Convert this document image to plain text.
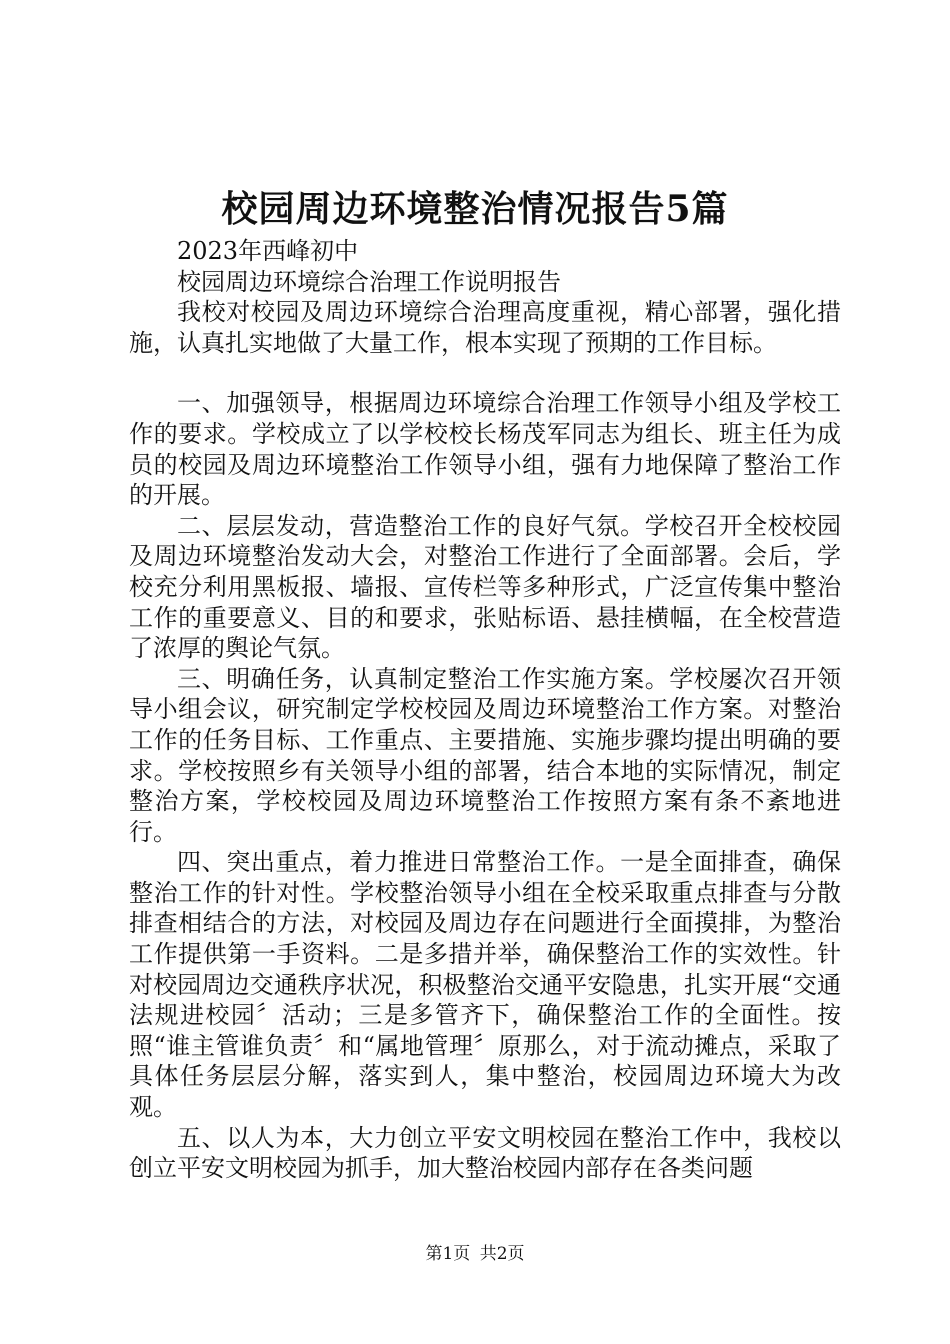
校园周边环境整治情况报告5篇

2023年西峰初中

校园周边环境综合治理工作说明报告

我校对校园及周边环境综合治理高度重视，精心部署，强化措施，认真扎实地做了大量工作，根本实现了预期的工作目标。

一、加强领导，根据周边环境综合治理工作领导小组及学校工作的要求。学校成立了以学校校长杨茂军同志为组长、班主任为成员的校园及周边环境整治工作领导小组，强有力地保障了整治工作的开展。

二、层层发动，营造整治工作的良好气氛。学校召开全校校园及周边环境整治发动大会，对整治工作进行了全面部署。会后，学校充分利用黑板报、墙报、宣传栏等多种形式，广泛宣传集中整治工作的重要意义、目的和要求，张贴标语、悬挂横幅，在全校营造了浓厚的舆论气氛。

三、明确任务，认真制定整治工作实施方案。学校屡次召开领导小组会议，研究制定学校校园及周边环境整治工作方案。对整治工作的任务目标、工作重点、主要措施、实施步骤均提出明确的要求。学校按照乡有关领导小组的部署，结合本地的实际情况，制定整治方案，学校校园及周边环境整治工作按照方案有条不紊地进行。

四、突出重点，着力推进日常整治工作。一是全面排查，确保整治工作的针对性。学校整治领导小组在全校采取重点排查与分散排查相结合的方法，对校园及周边存在问题进行全面摸排，为整治工作提供第一手资料。二是多措并举，确保整治工作的实效性。针对校园周边交通秩序状况，积极整治交通平安隐患，扎实开展“交通法规进校园〞活动；三是多管齐下，确保整治工作的全面性。按照“谁主管谁负责〞和“属地管理〞原那么，对于流动摊点，采取了具体任务层层分解，落实到人，集中整治，校园周边环境大为改观。

五、以人为本，大力创立平安文明校园在整治工作中，我校以创立平安文明校园为抓手，加大整治校园内部存在各类问题

第1页 共2页
